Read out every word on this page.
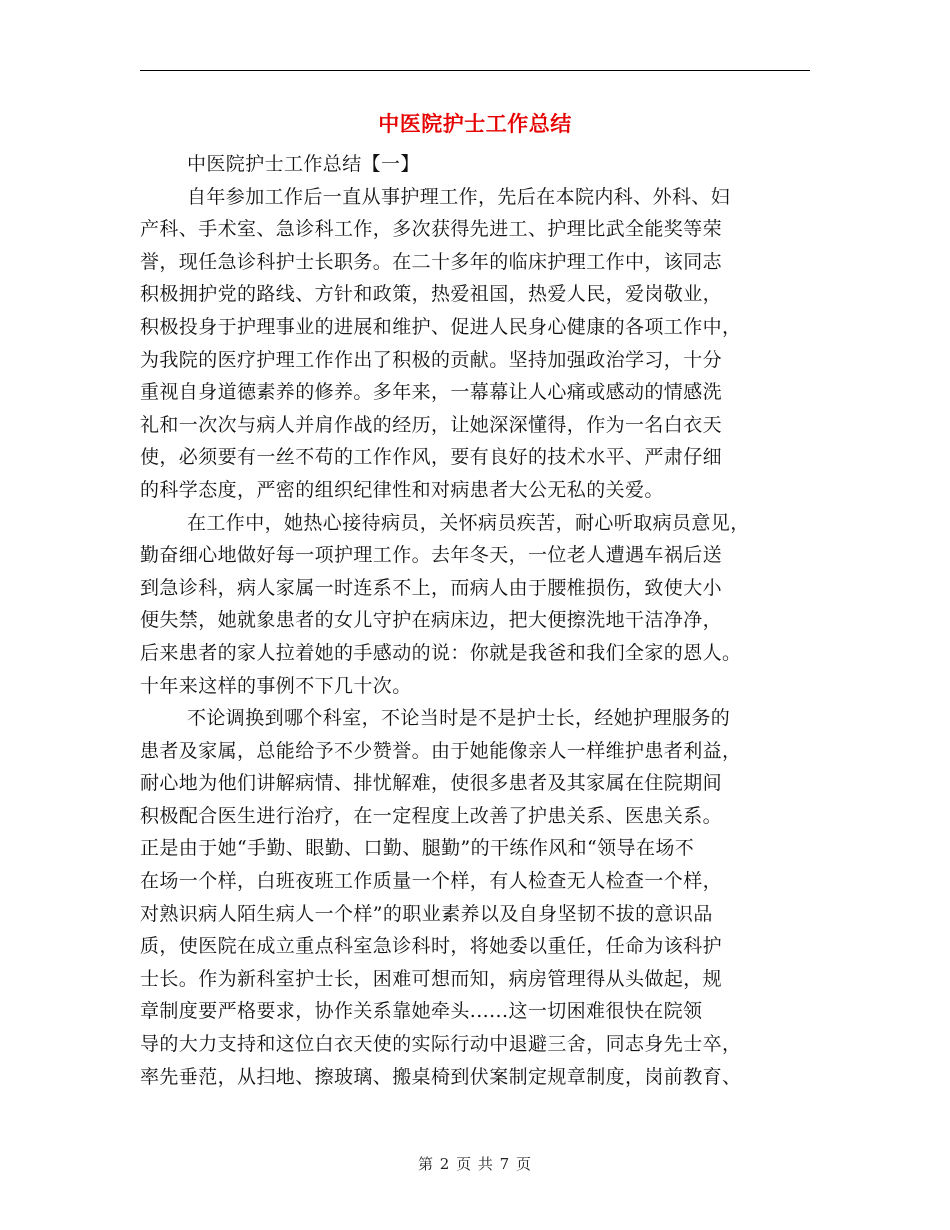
中医院护士工作总结
中医院护士工作总结【一】
自年参加工作后一直从事护理工作，先后在本院内科、外科、妇
产科、手术室、急诊科工作，多次获得先进工、护理比武全能奖等荣
誉，现任急诊科护士长职务。在二十多年的临床护理工作中，该同志
积极拥护党的路线、方针和政策，热爱祖国，热爱人民，爱岗敬业，
积极投身于护理事业的进展和维护、促进人民身心健康的各项工作中，
为我院的医疗护理工作作出了积极的贡献。坚持加强政治学习，十分
重视自身道德素养的修养。多年来，一幕幕让人心痛或感动的情感洗
礼和一次次与病人并肩作战的经历，让她深深懂得，作为一名白衣天
使，必须要有一丝不苟的工作作风，要有良好的技术水平、严肃仔细
的科学态度，严密的组织纪律性和对病患者大公无私的关爱。
在工作中，她热心接待病员，关怀病员疾苦，耐心听取病员意见，
勤奋细心地做好每一项护理工作。去年冬天，一位老人遭遇车祸后送
到急诊科，病人家属一时连系不上，而病人由于腰椎损伤，致使大小
便失禁，她就象患者的女儿守护在病床边，把大便擦洗地干洁净净，
后来患者的家人拉着她的手感动的说：你就是我爸和我们全家的恩人。
十年来这样的事例不下几十次。
不论调换到哪个科室，不论当时是不是护士长，经她护理服务的
患者及家属，总能给予不少赞誉。由于她能像亲人一样维护患者利益，
耐心地为他们讲解病情、排忧解难，使很多患者及其家属在住院期间
积极配合医生进行治疗，在一定程度上改善了护患关系、医患关系。
正是由于她“手勤、眼勤、口勤、腿勤”的干练作风和“领导在场不
在场一个样，白班夜班工作质量一个样，有人检查无人检查一个样，
对熟识病人陌生病人一个样”的职业素养以及自身坚韧不拔的意识品
质，使医院在成立重点科室急诊科时，将她委以重任，任命为该科护
士长。作为新科室护士长，困难可想而知，病房管理得从头做起，规
章制度要严格要求，协作关系靠她牵头......这一切困难很快在院领
导的大力支持和这位白衣天使的实际行动中退避三舍，同志身先士卒，
率先垂范，从扫地、擦玻璃、搬桌椅到伏案制定规章制度，岗前教育、
第 2 页 共 7 页
